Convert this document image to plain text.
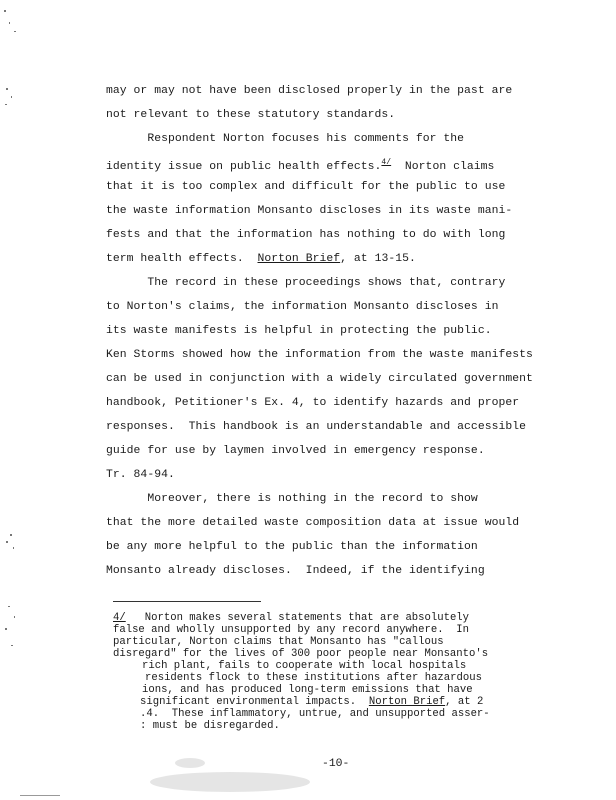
may or may not have been disclosed properly in the past are
not relevant to these statutory standards.
Respondent Norton focuses his comments for the
identity issue on public health effects.$^{4/}$  Norton claims
that it is too complex and difficult for the public to use
the waste information Monsanto discloses in its waste mani-
fests and that the information has nothing to do with long
term health effects. Norton Brief, at 13-15.
The record in these proceedings shows that, contrary
to Norton's claims, the information Monsanto discloses in
its waste manifests is helpful in protecting the public.
Ken Storms showed how the information from the waste manifests
can be used in conjunction with a widely circulated government
handbook, Petitioner's Ex. 4, to identify hazards and proper
responses.  This handbook is an understandable and accessible
guide for use by laymen involved in emergency response.
Tr. 84-94.
Moreover, there is nothing in the record to show
that the more detailed waste composition data at issue would
be any more helpful to the public than the information
Monsanto already discloses.  Indeed, if the identifying
4/   Norton makes several statements that are absolutely
false and wholly unsupported by any record anywhere.  In
particular, Norton claims that Monsanto has "callous
disregard" for the lives of 300 poor people near Monsanto's
rich plant, fails to cooperate with local hospitals
residents flock to these institutions after hazardous
ions, and has produced long-term emissions that have
significant environmental impacts. Norton Brief, at 2
.4.  These inflammatory, untrue, and unsupported asser-
: must be disregarded.
-10-
